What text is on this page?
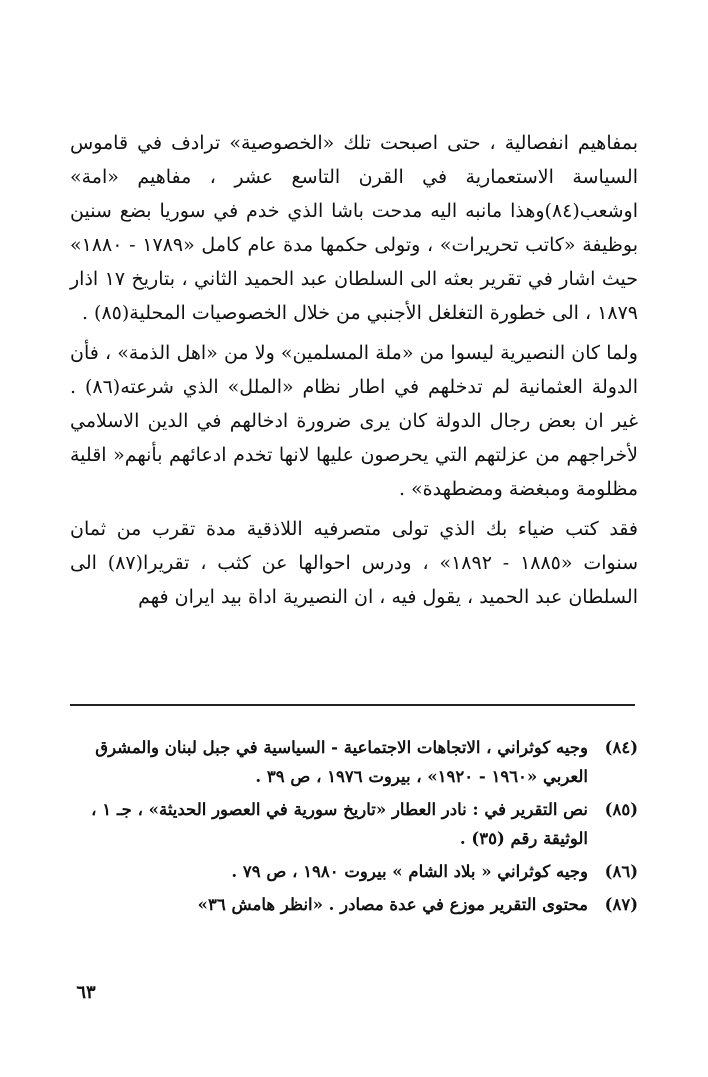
بمفاهيم انفصالية ، حتى اصبحت تلك «الخصوصية» ترادف في قاموس السياسة الاستعمارية في القرن التاسع عشر ، مفاهيم «امة» اوشعب(٨٤)وهذا مانبه اليه مدحت باشا الذي خدم في سوريا بضع سنين بوظيفة «كاتب تحريرات» ، وتولى حكمها مدة عام كامل «١٧٨٩ - ١٨٨٠» حيث اشار في تقرير بعثه الى السلطان عبد الحميد الثاني ، بتاريخ ١٧ اذار ١٨٧٩ ، الى خطورة التغلغل الأجنبي من خلال الخصوصيات المحلية(٨٥) .

ولما كان النصيرية ليسوا من «ملة المسلمين» ولا من «اهل الذمة» ، فأن الدولة العثمانية لم تدخلهم في اطار نظام «الملل» الذي شرعته(٨٦) . غير ان بعض رجال الدولة كان يرى ضرورة ادخالهم في الدين الاسلامي لأخراجهم من عزلتهم التي يحرصون عليها لانها تخدم ادعائهم بأنهم« اقلية مظلومة ومبغضة ومضطهدة» .

فقد كتب ضياء بك الذي تولى متصرفيه اللاذقية مدة تقرب من ثمان سنوات «١٨٨٥ - ١٨٩٢» ، ودرس احوالها عن كثب ، تقريرا(٨٧) الى السلطان عبد الحميد ، يقول فيه ، ان النصيرية اداة بيد ايران فهم

(٨٤)
وجيه كوثراني ، الاتجاهات الاجتماعية - السياسية في جبل لبنان والمشرق العربي «١٩٦٠ - ١٩٢٠» ، بيروت ١٩٧٦ ، ص ٣٩ .
(٨٥)
نص التقرير في : نادر العطار «تاريخ سورية في العصور الحديثة» ، جـ ١ ، الوثيقة رقم (٣٥) .
(٨٦)
وجيه كوثراني « بلاد الشام » بيروت ١٩٨٠ ، ص ٧٩ .
(٨٧)
محتوى التقرير موزع في عدة مصادر . «انظر هامش ٣٦»
٦٣
